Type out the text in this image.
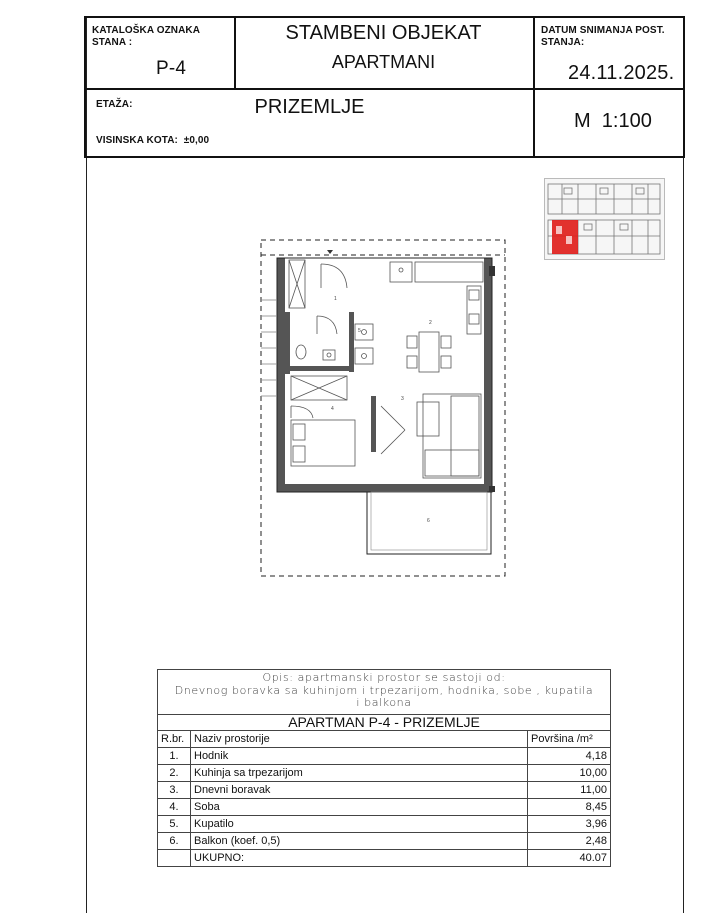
KATALOŠKA OZNAKA
STANA :
P-4
STAMBENI OBJEKAT
APARTMANI
DATUM SNIMANJA POST.
STANJA:
24.11.2025.
ETAŽA:	PRIZEMLJE
VISINSKA KOTA: ±0,00
M  1:100
1
2
3
4
5
6
Opis: apartmanski prostor se sastoji od:
Dnevnog boravka sa kuhinjom i trpezarijom, hodnika, sobe , kupatila
i balkona
APARTMAN P-4 - PRIZEMLJE		
R.br.	Naziv prostorije	Površina /m²
1.	Hodnik	4,18
2.	Kuhinja sa trpezarijom	10,00
3.	Dnevni boravak	11,00
4.	Soba	8,45
5.	Kupatilo	3,96
6.	Balkon (koef. 0,5)	2,48
	UKUPNO:	40.07
